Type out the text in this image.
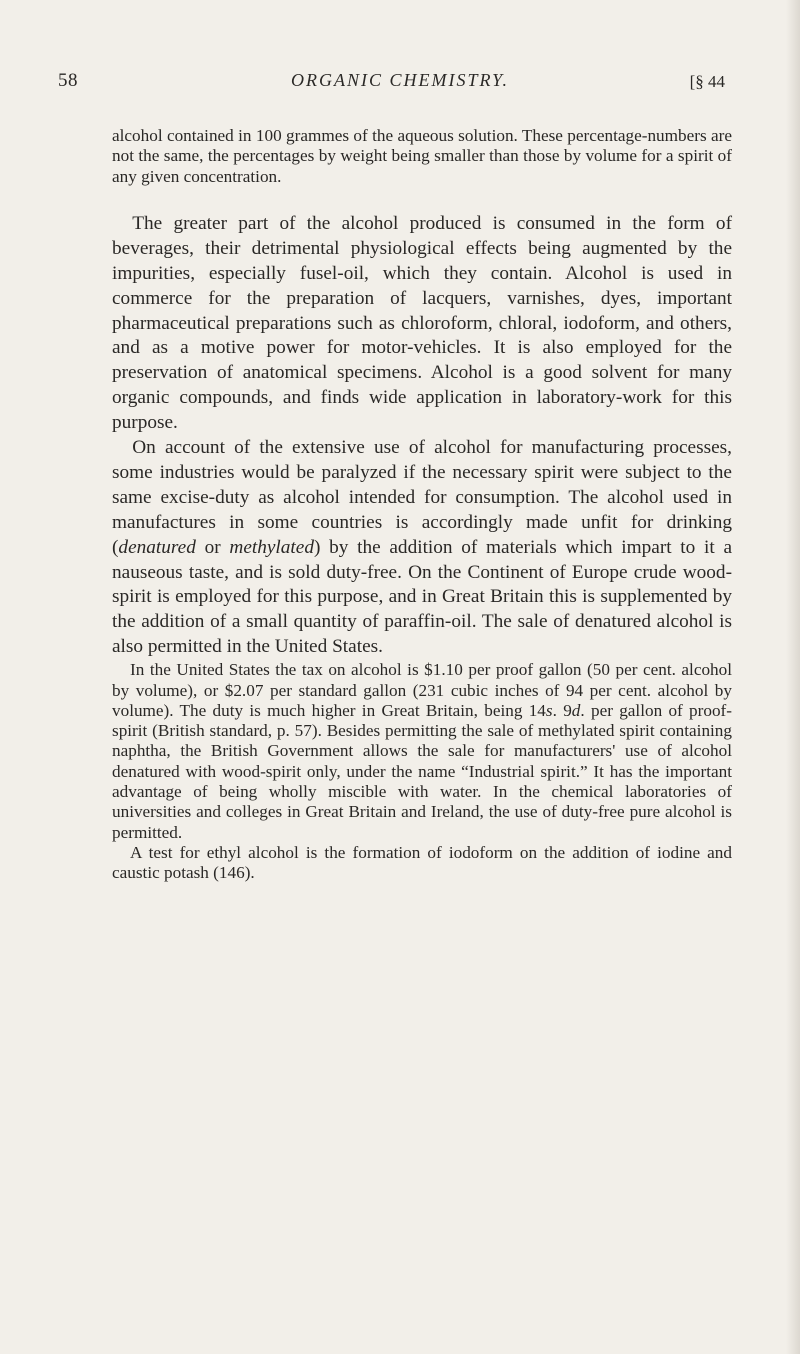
58	ORGANIC CHEMISTRY.	[§ 44

alcohol contained in 100 grammes of the aqueous solution. These percentage-numbers are not the same, the percentages by weight being smaller than those by volume for a spirit of any given concentration.

The greater part of the alcohol produced is consumed in the form of beverages, their detrimental physiological effects being augmented by the impurities, especially fusel-oil, which they contain. Alcohol is used in commerce for the preparation of lacquers, varnishes, dyes, important pharmaceutical preparations such as chloroform, chloral, iodoform, and others, and as a motive power for motor-vehicles. It is also employed for the preservation of anatomical specimens. Alcohol is a good solvent for many organic compounds, and finds wide application in laboratory-work for this purpose.

On account of the extensive use of alcohol for manufacturing processes, some industries would be paralyzed if the necessary spirit were subject to the same excise-duty as alcohol intended for consumption. The alcohol used in manufactures in some countries is accordingly made unfit for drinking (denatured or methylated) by the addition of materials which impart to it a nauseous taste, and is sold duty-free. On the Continent of Europe crude wood-spirit is employed for this purpose, and in Great Britain this is supplemented by the addition of a small quantity of paraffin-oil. The sale of denatured alcohol is also permitted in the United States.

In the United States the tax on alcohol is $1.10 per proof gallon (50 per cent. alcohol by volume), or $2.07 per standard gallon (231 cubic inches of 94 per cent. alcohol by volume). The duty is much higher in Great Britain, being 14s. 9d. per gallon of proof-spirit (British standard, p. 57). Besides permitting the sale of methylated spirit containing naphtha, the British Government allows the sale for manufacturers' use of alcohol denatured with wood-spirit only, under the name “Industrial spirit.” It has the important advantage of being wholly miscible with water. In the chemical laboratories of universities and colleges in Great Britain and Ireland, the use of duty-free pure alcohol is permitted.

A test for ethyl alcohol is the formation of iodoform on the addition of iodine and caustic potash (146).
